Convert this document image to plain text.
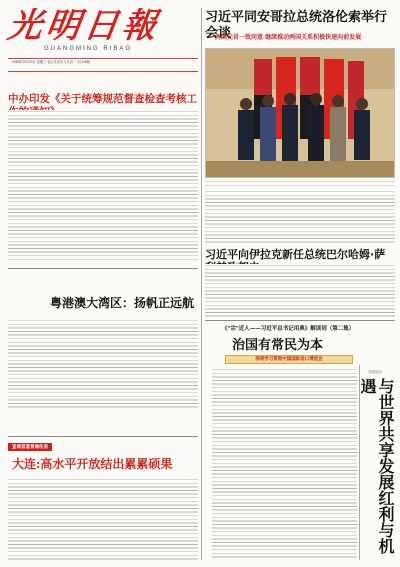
光明日報
GUANGMING RIBAO
2018年10月10日 星期三 农历戊戌年九月初二 今日16版
中办印发《关于统筹规范督查检查考核工
粤港澳大湾区：扬帆正远航
宣城首套普通住房
大连:高水平开放结出累累硕果
习近平同安哥拉总统洛伦索举行会谈
两国元首一致同意 继续推动两国关系积极快速向前发展
习近平向伊拉克新任总统巴尔哈姆·萨
《"宗"近人——习近平总书记用典》解读词（第二集）
治国有常民为本
深刻学习贯彻中国国际进口博览会
光明论坛
与世界共享发展红利与机遇
